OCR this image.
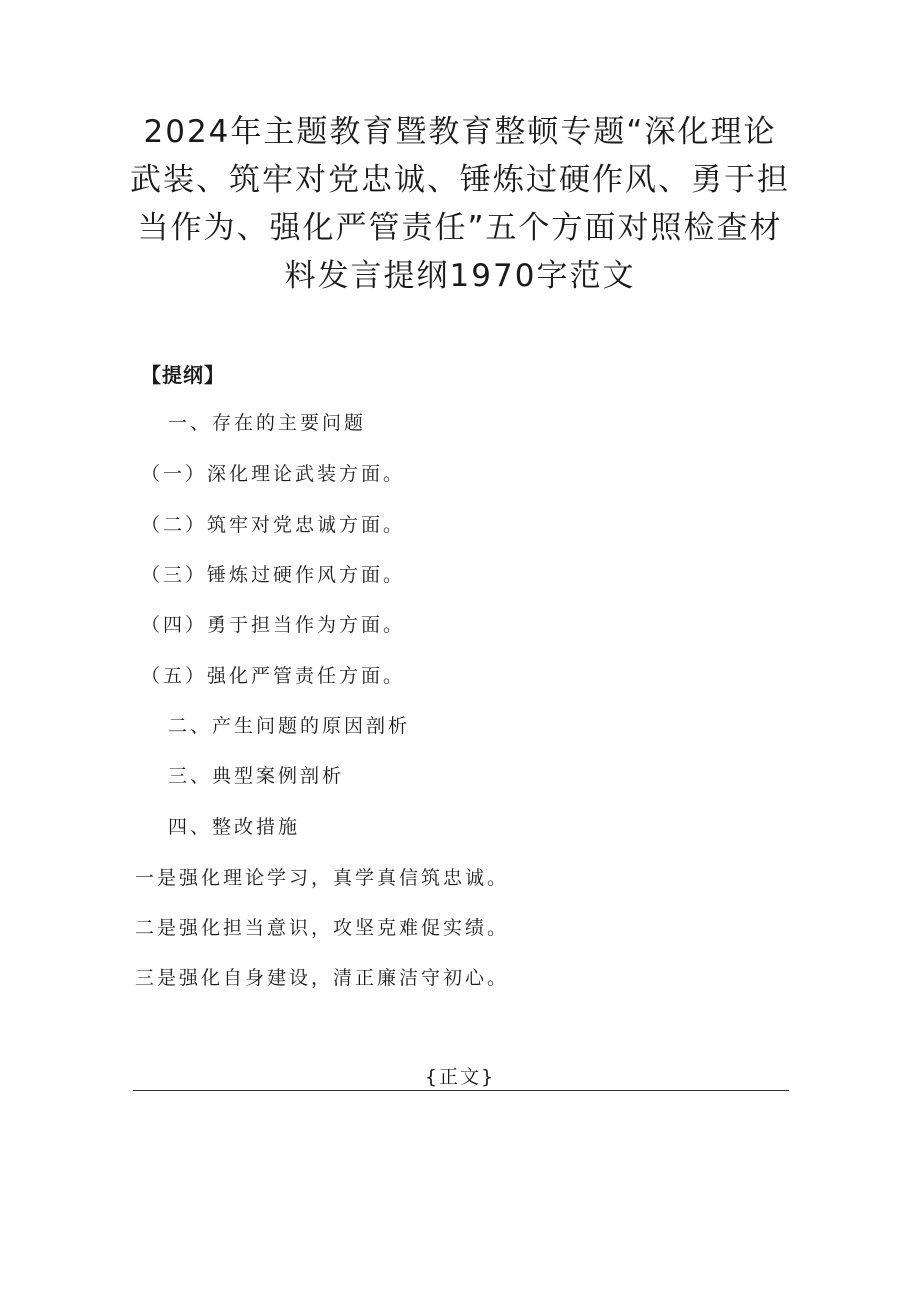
2024年主题教育暨教育整顿专题“深化理论武装、筑牢对党忠诚、锤炼过硬作风、勇于担当作为、强化严管责任”五个方面对照检查材料发言提纲1970字范文
【提纲】
一、存在的主要问题
（一）深化理论武装方面。
（二）筑牢对党忠诚方面。
（三）锤炼过硬作风方面。
（四）勇于担当作为方面。
（五）强化严管责任方面。
二、产生问题的原因剖析
三、典型案例剖析
四、整改措施
一是强化理论学习，真学真信筑忠诚。
二是强化担当意识，攻坚克难促实绩。
三是强化自身建设，清正廉洁守初心。
{正文}
